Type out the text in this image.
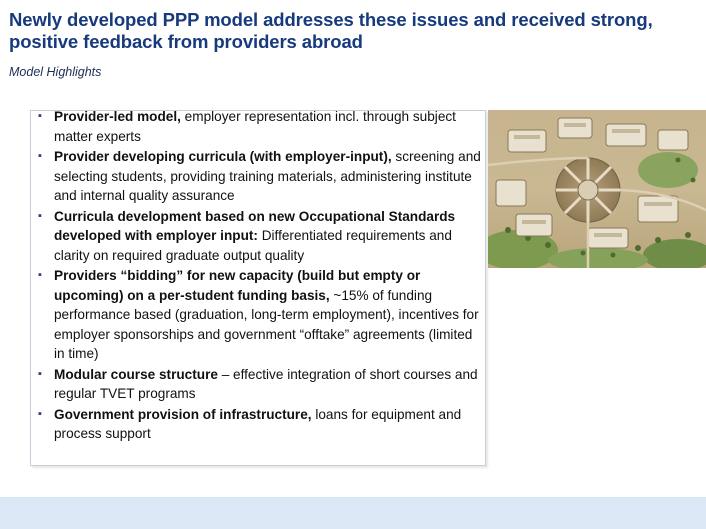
Newly developed PPP model addresses these issues and received strong, positive feedback from providers abroad
Model Highlights
▪ Provider-led model, employer representation incl. through subject matter experts
▪ Provider developing curricula (with employer-input), screening and selecting students, providing training materials, administering institute and internal quality assurance
▪ Curricula development based on new Occupational Standards developed with employer input: Differentiated requirements and clarity on required graduate output quality
▪ Providers “bidding” for new capacity (build but empty or upcoming) on a per-student funding basis, ~15% of funding performance based (graduation, long-term employment), incentives for employer sponsorships and government “offtake” agreements (limited in time)
▪ Modular course structure – effective integration of short courses and regular TVET programs
▪ Government provision of infrastructure, loans for equipment and process support
